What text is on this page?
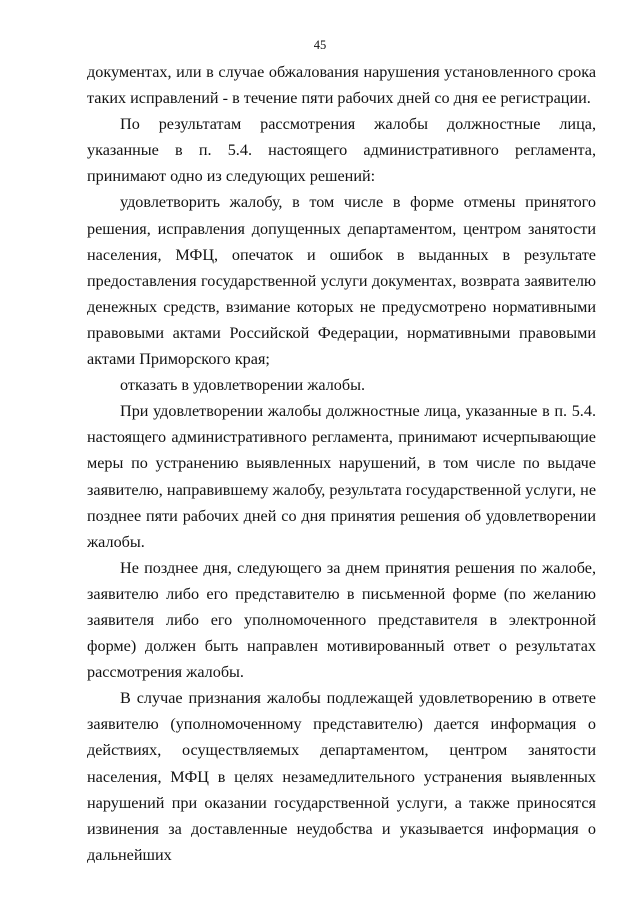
45

документах, или в случае обжалования нарушения установленного срока таких исправлений - в течение пяти рабочих дней со дня ее регистрации.

По результатам рассмотрения жалобы должностные лица, указанные в п. 5.4. настоящего административного регламента, принимают одно из следующих решений:

удовлетворить жалобу, в том числе в форме отмены принятого решения, исправления допущенных департаментом, центром занятости населения, МФЦ, опечаток и ошибок в выданных в результате предоставления государственной услуги документах, возврата заявителю денежных средств, взимание которых не предусмотрено нормативными правовыми актами Российской Федерации, нормативными правовыми актами Приморского края;

отказать в удовлетворении жалобы.

При удовлетворении жалобы должностные лица, указанные в п. 5.4. настоящего административного регламента, принимают исчерпывающие меры по устранению выявленных нарушений, в том числе по выдаче заявителю, направившему жалобу, результата государственной услуги, не позднее пяти рабочих дней со дня принятия решения об удовлетворении жалобы.

Не позднее дня, следующего за днем принятия решения по жалобе, заявителю либо его представителю в письменной форме (по желанию заявителя либо его уполномоченного представителя в электронной форме) должен быть направлен мотивированный ответ о результатах рассмотрения жалобы.

В случае признания жалобы подлежащей удовлетворению в ответе заявителю (уполномоченному представителю) дается информация о действиях, осуществляемых департаментом, центром занятости населения, МФЦ в целях незамедлительного устранения выявленных нарушений при оказании государственной услуги, а также приносятся извинения за доставленные неудобства и указывается информация о дальнейших
